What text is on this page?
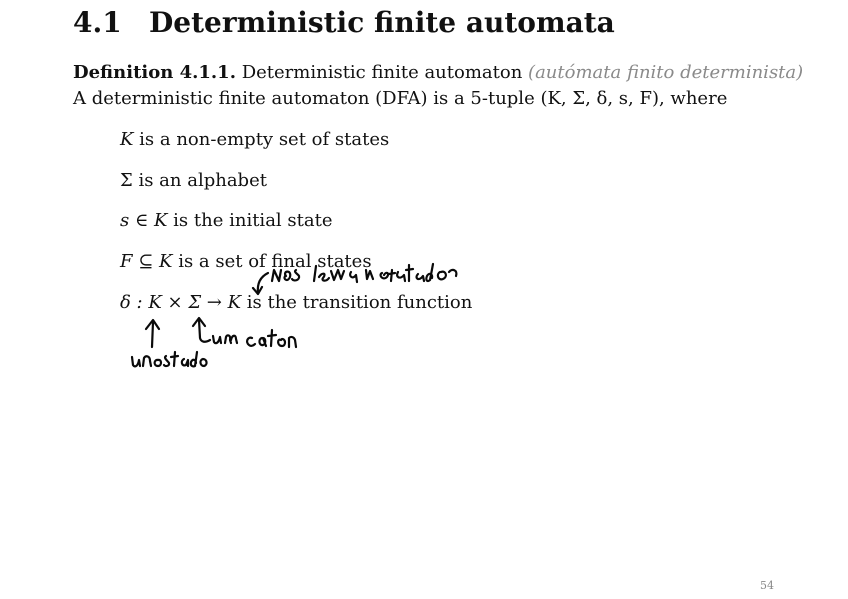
4.1 Deterministic finite automata
Definition 4.1.1. Deterministic finite automaton (autómata finito determinista)
A deterministic finite automaton (DFA) is a 5-tuple (K, Σ, δ, s, F), where
K is a non-empty set of states
Σ is an alphabet
s ∈ K is the initial state
F ⊆ K is a set of final states
δ : K × Σ → K is the transition function
54
